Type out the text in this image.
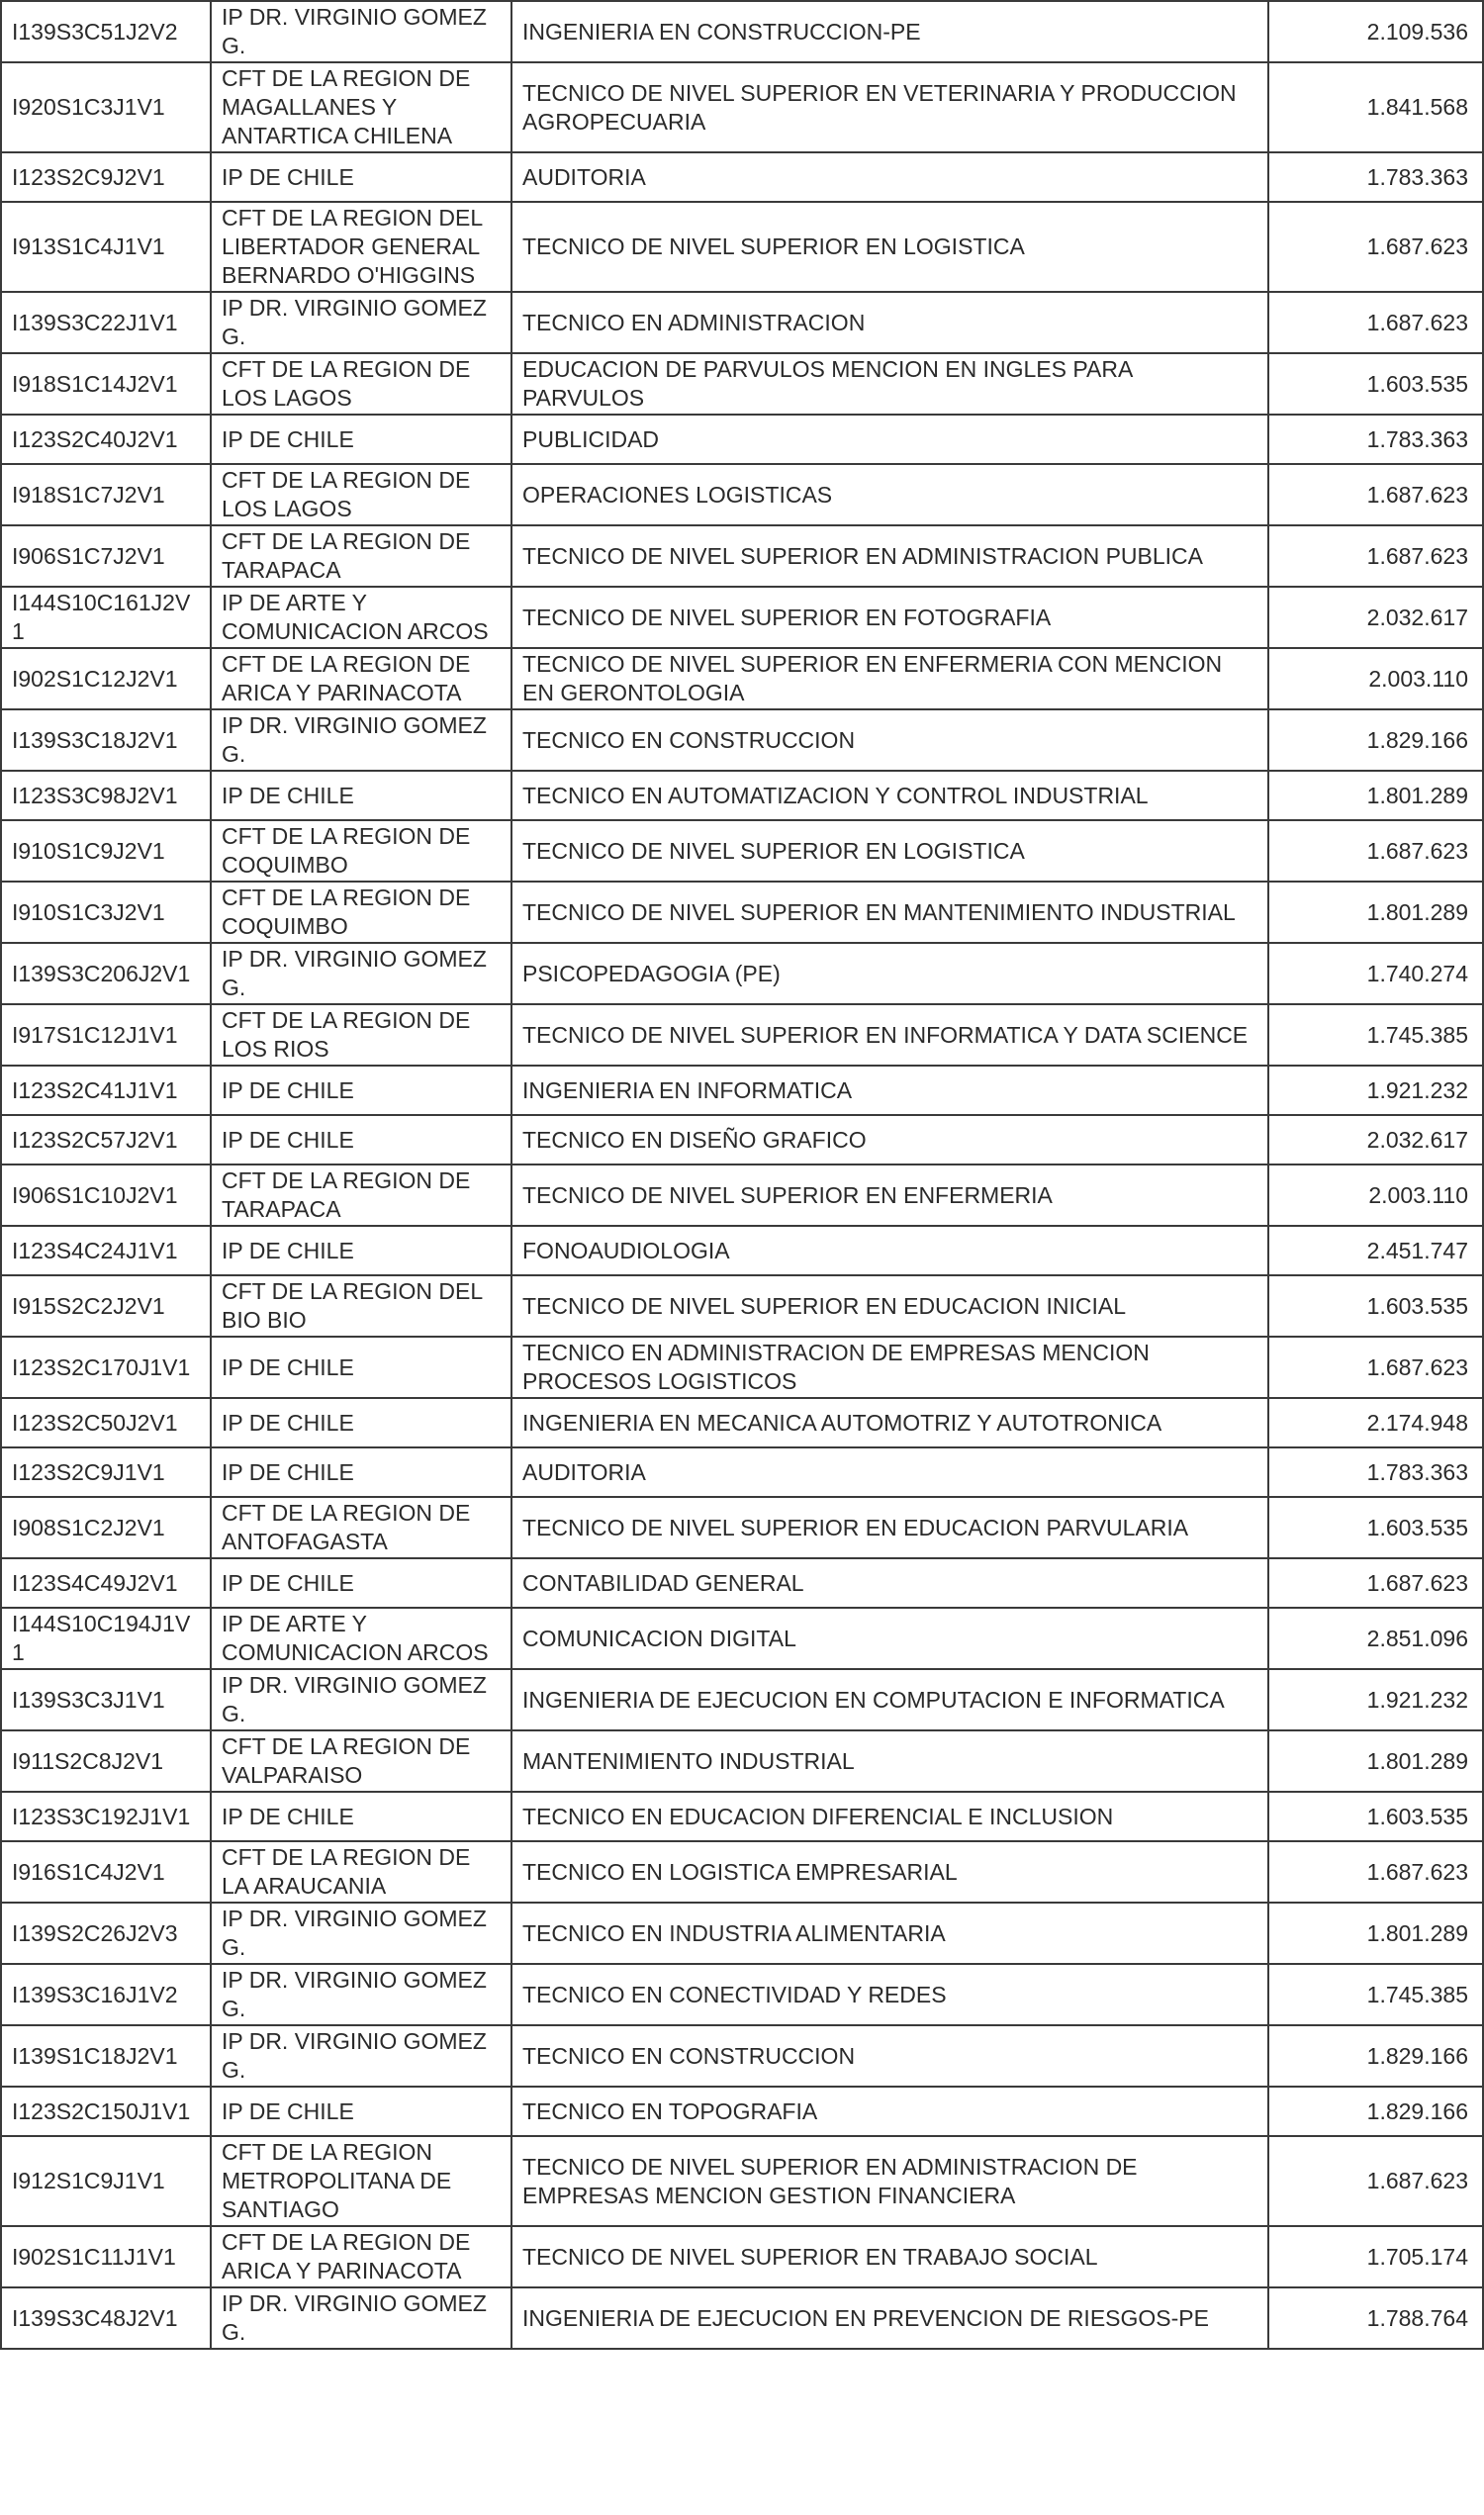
I139S3C51J2V2	IP DR. VIRGINIO GOMEZ G.	INGENIERIA EN CONSTRUCCION-PE	2.109.536
I920S1C3J1V1	CFT DE LA REGION DE MAGALLANES Y ANTARTICA CHILENA	TECNICO DE NIVEL SUPERIOR EN VETERINARIA Y PRODUCCION AGROPECUARIA	1.841.568
I123S2C9J2V1	IP DE CHILE	AUDITORIA	1.783.363
I913S1C4J1V1	CFT DE LA REGION DEL LIBERTADOR GENERAL BERNARDO O'HIGGINS	TECNICO DE NIVEL SUPERIOR EN LOGISTICA	1.687.623
I139S3C22J1V1	IP DR. VIRGINIO GOMEZ G.	TECNICO EN ADMINISTRACION	1.687.623
I918S1C14J2V1	CFT DE LA REGION DE LOS LAGOS	EDUCACION DE PARVULOS MENCION EN INGLES PARA PARVULOS	1.603.535
I123S2C40J2V1	IP DE CHILE	PUBLICIDAD	1.783.363
I918S1C7J2V1	CFT DE LA REGION DE LOS LAGOS	OPERACIONES LOGISTICAS	1.687.623
I906S1C7J2V1	CFT DE LA REGION DE TARAPACA	TECNICO DE NIVEL SUPERIOR EN ADMINISTRACION PUBLICA	1.687.623
I144S10C161J2V1	IP DE ARTE Y COMUNICACION ARCOS	TECNICO DE NIVEL SUPERIOR EN FOTOGRAFIA	2.032.617
I902S1C12J2V1	CFT DE LA REGION DE ARICA Y PARINACOTA	TECNICO DE NIVEL SUPERIOR EN ENFERMERIA CON MENCION EN GERONTOLOGIA	2.003.110
I139S3C18J2V1	IP DR. VIRGINIO GOMEZ G.	TECNICO EN CONSTRUCCION	1.829.166
I123S3C98J2V1	IP DE CHILE	TECNICO EN AUTOMATIZACION Y CONTROL INDUSTRIAL	1.801.289
I910S1C9J2V1	CFT DE LA REGION DE COQUIMBO	TECNICO DE NIVEL SUPERIOR EN LOGISTICA	1.687.623
I910S1C3J2V1	CFT DE LA REGION DE COQUIMBO	TECNICO DE NIVEL SUPERIOR EN MANTENIMIENTO INDUSTRIAL	1.801.289
I139S3C206J2V1	IP DR. VIRGINIO GOMEZ G.	PSICOPEDAGOGIA (PE)	1.740.274
I917S1C12J1V1	CFT DE LA REGION DE LOS RIOS	TECNICO DE NIVEL SUPERIOR EN INFORMATICA Y DATA SCIENCE	1.745.385
I123S2C41J1V1	IP DE CHILE	INGENIERIA EN INFORMATICA	1.921.232
I123S2C57J2V1	IP DE CHILE	TECNICO EN DISEÑO GRAFICO	2.032.617
I906S1C10J2V1	CFT DE LA REGION DE TARAPACA	TECNICO DE NIVEL SUPERIOR EN ENFERMERIA	2.003.110
I123S4C24J1V1	IP DE CHILE	FONOAUDIOLOGIA	2.451.747
I915S2C2J2V1	CFT DE LA REGION DEL BIO BIO	TECNICO DE NIVEL SUPERIOR EN EDUCACION INICIAL	1.603.535
I123S2C170J1V1	IP DE CHILE	TECNICO EN ADMINISTRACION DE EMPRESAS MENCION PROCESOS LOGISTICOS	1.687.623
I123S2C50J2V1	IP DE CHILE	INGENIERIA EN MECANICA AUTOMOTRIZ Y AUTOTRONICA	2.174.948
I123S2C9J1V1	IP DE CHILE	AUDITORIA	1.783.363
I908S1C2J2V1	CFT DE LA REGION DE ANTOFAGASTA	TECNICO DE NIVEL SUPERIOR EN EDUCACION PARVULARIA	1.603.535
I123S4C49J2V1	IP DE CHILE	CONTABILIDAD GENERAL	1.687.623
I144S10C194J1V1	IP DE ARTE Y COMUNICACION ARCOS	COMUNICACION DIGITAL	2.851.096
I139S3C3J1V1	IP DR. VIRGINIO GOMEZ G.	INGENIERIA DE EJECUCION EN COMPUTACION E INFORMATICA	1.921.232
I911S2C8J2V1	CFT DE LA REGION DE VALPARAISO	MANTENIMIENTO INDUSTRIAL	1.801.289
I123S3C192J1V1	IP DE CHILE	TECNICO EN EDUCACION DIFERENCIAL E INCLUSION	1.603.535
I916S1C4J2V1	CFT DE LA REGION DE LA ARAUCANIA	TECNICO EN LOGISTICA EMPRESARIAL	1.687.623
I139S2C26J2V3	IP DR. VIRGINIO GOMEZ G.	TECNICO EN INDUSTRIA ALIMENTARIA	1.801.289
I139S3C16J1V2	IP DR. VIRGINIO GOMEZ G.	TECNICO EN CONECTIVIDAD Y REDES	1.745.385
I139S1C18J2V1	IP DR. VIRGINIO GOMEZ G.	TECNICO EN CONSTRUCCION	1.829.166
I123S2C150J1V1	IP DE CHILE	TECNICO EN TOPOGRAFIA	1.829.166
I912S1C9J1V1	CFT DE LA REGION METROPOLITANA DE SANTIAGO	TECNICO DE NIVEL SUPERIOR EN ADMINISTRACION DE EMPRESAS MENCION GESTION FINANCIERA	1.687.623
I902S1C11J1V1	CFT DE LA REGION DE ARICA Y PARINACOTA	TECNICO DE NIVEL SUPERIOR EN TRABAJO SOCIAL	1.705.174
I139S3C48J2V1	IP DR. VIRGINIO GOMEZ G.	INGENIERIA DE EJECUCION EN PREVENCION DE RIESGOS-PE	1.788.764
